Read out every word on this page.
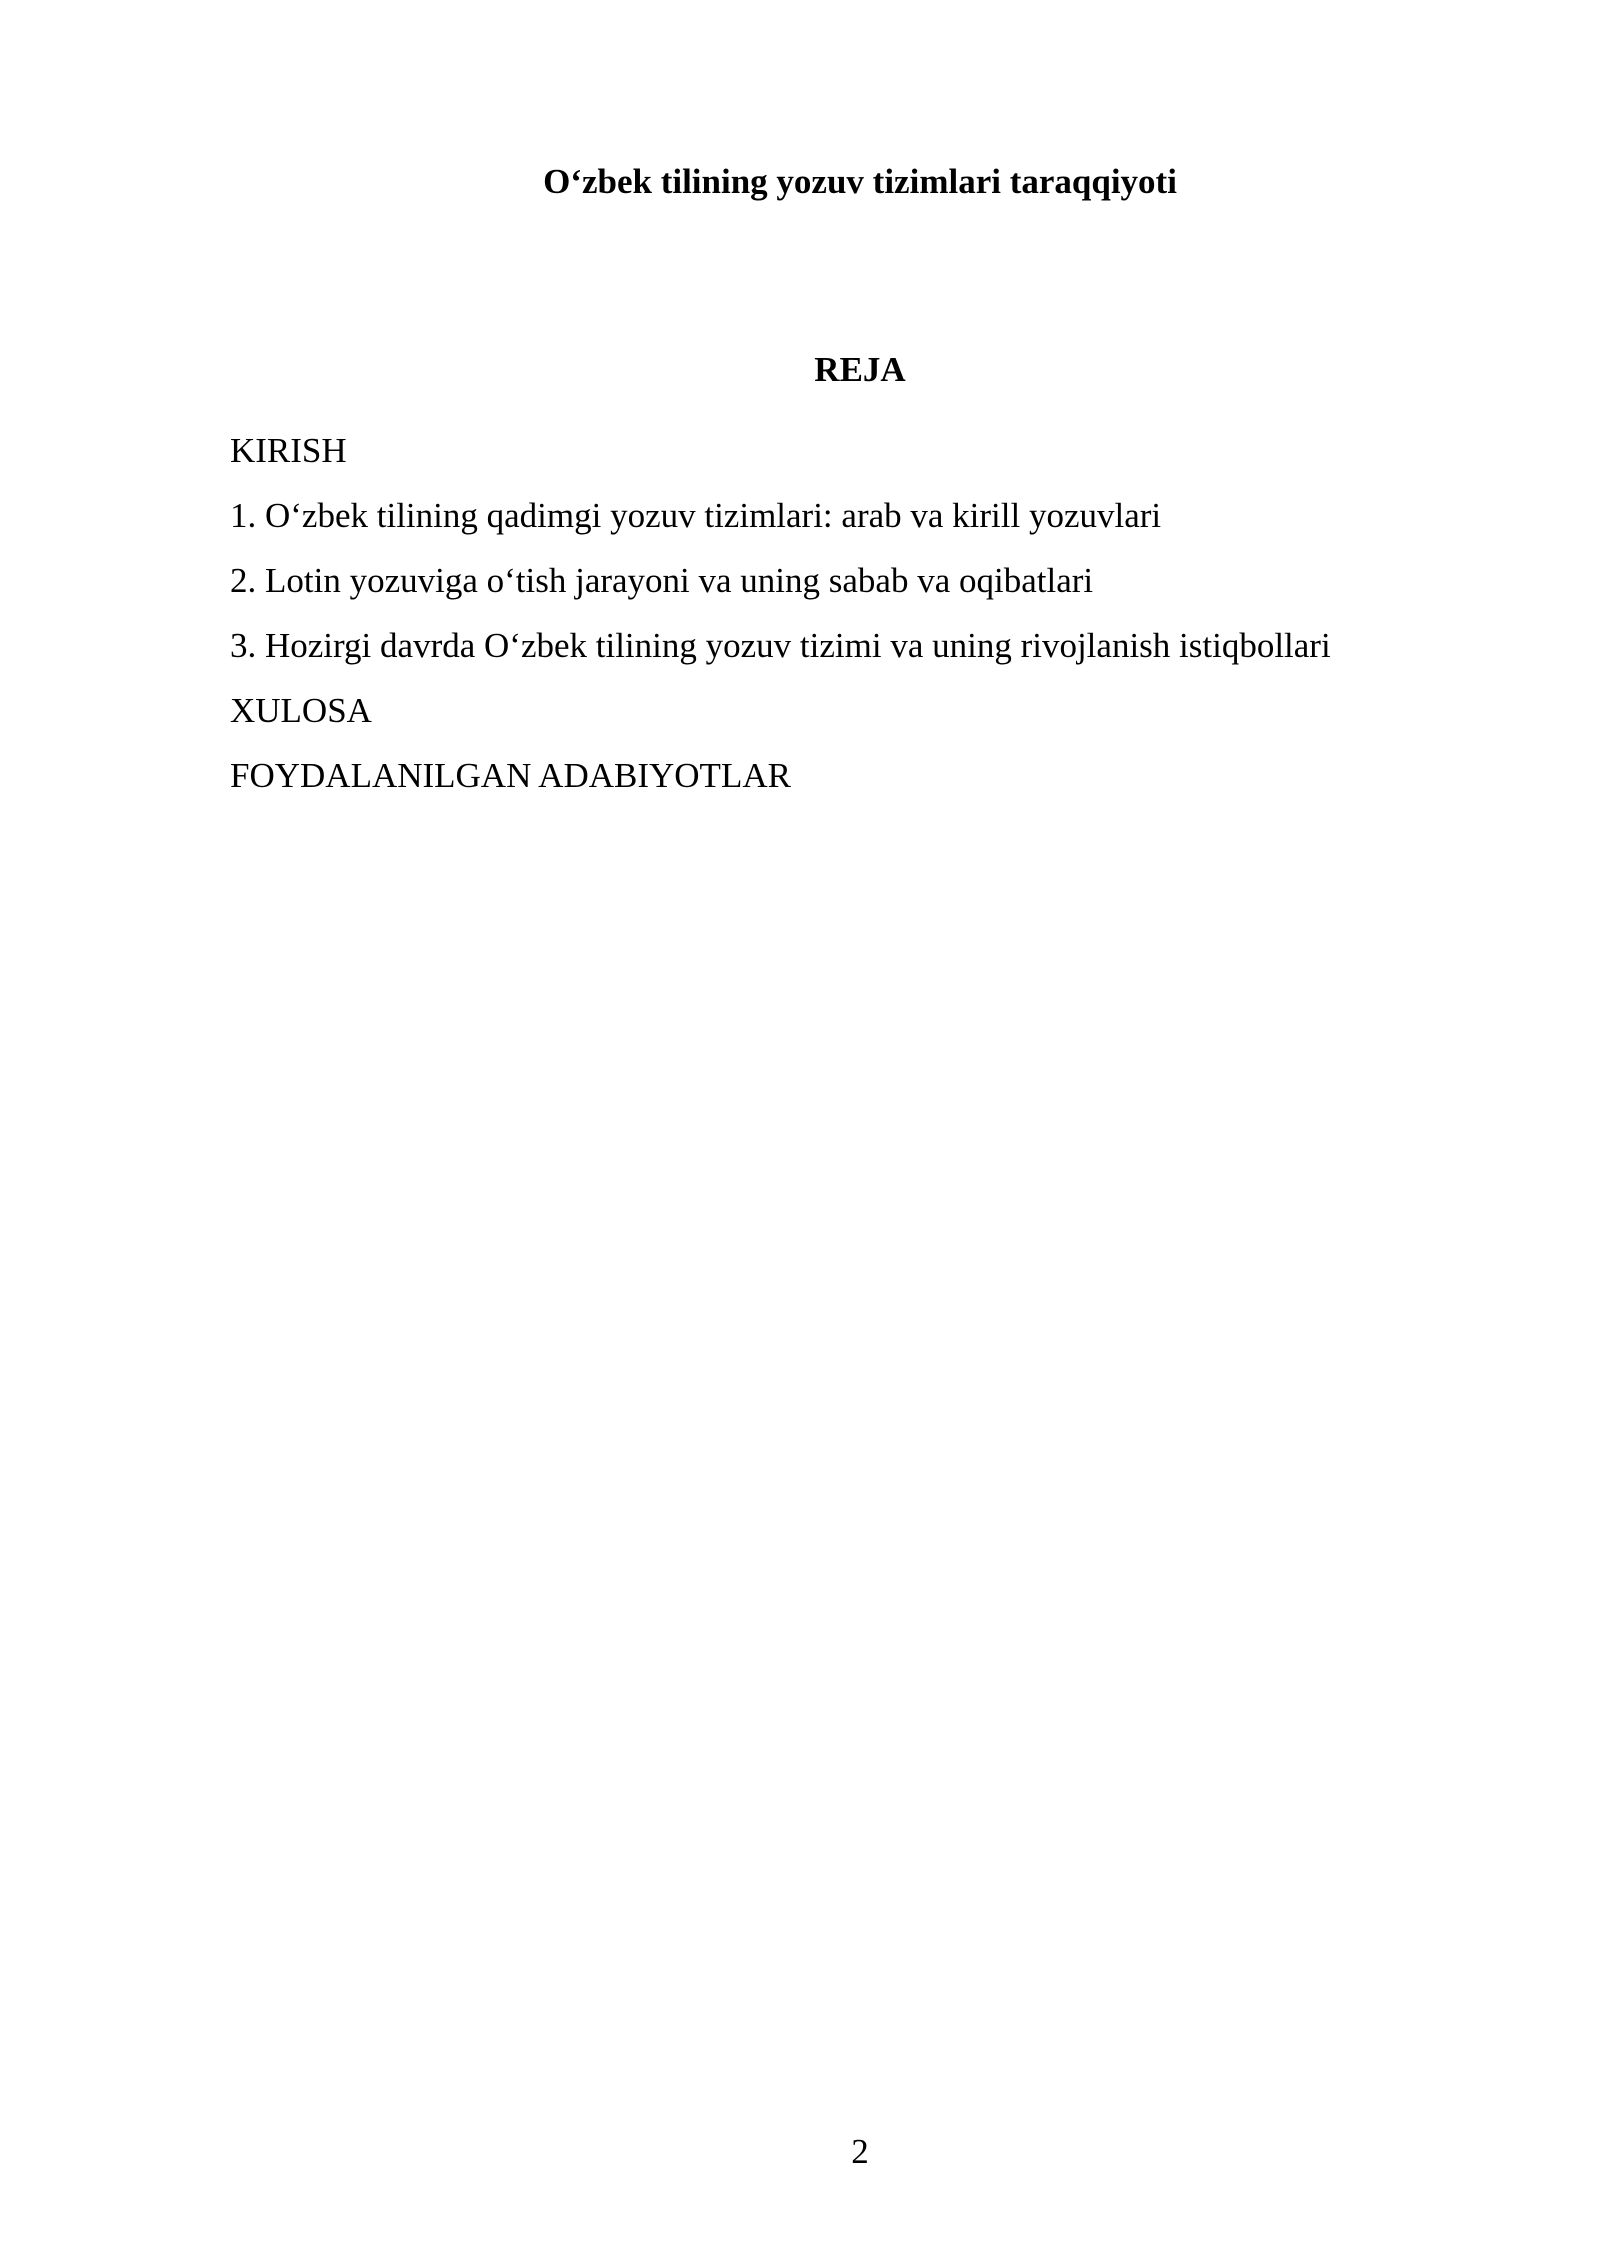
O‘zbek tilining yozuv tizimlari taraqqiyoti
REJA
KIRISH
1. O‘zbek tilining qadimgi yozuv tizimlari: arab va kirill yozuvlari
2. Lotin yozuviga o‘tish jarayoni va uning sabab va oqibatlari
3. Hozirgi davrda O‘zbek tilining yozuv tizimi va uning rivojlanish istiqbollari
XULOSA
FOYDALANILGAN ADABIYOTLAR
2
